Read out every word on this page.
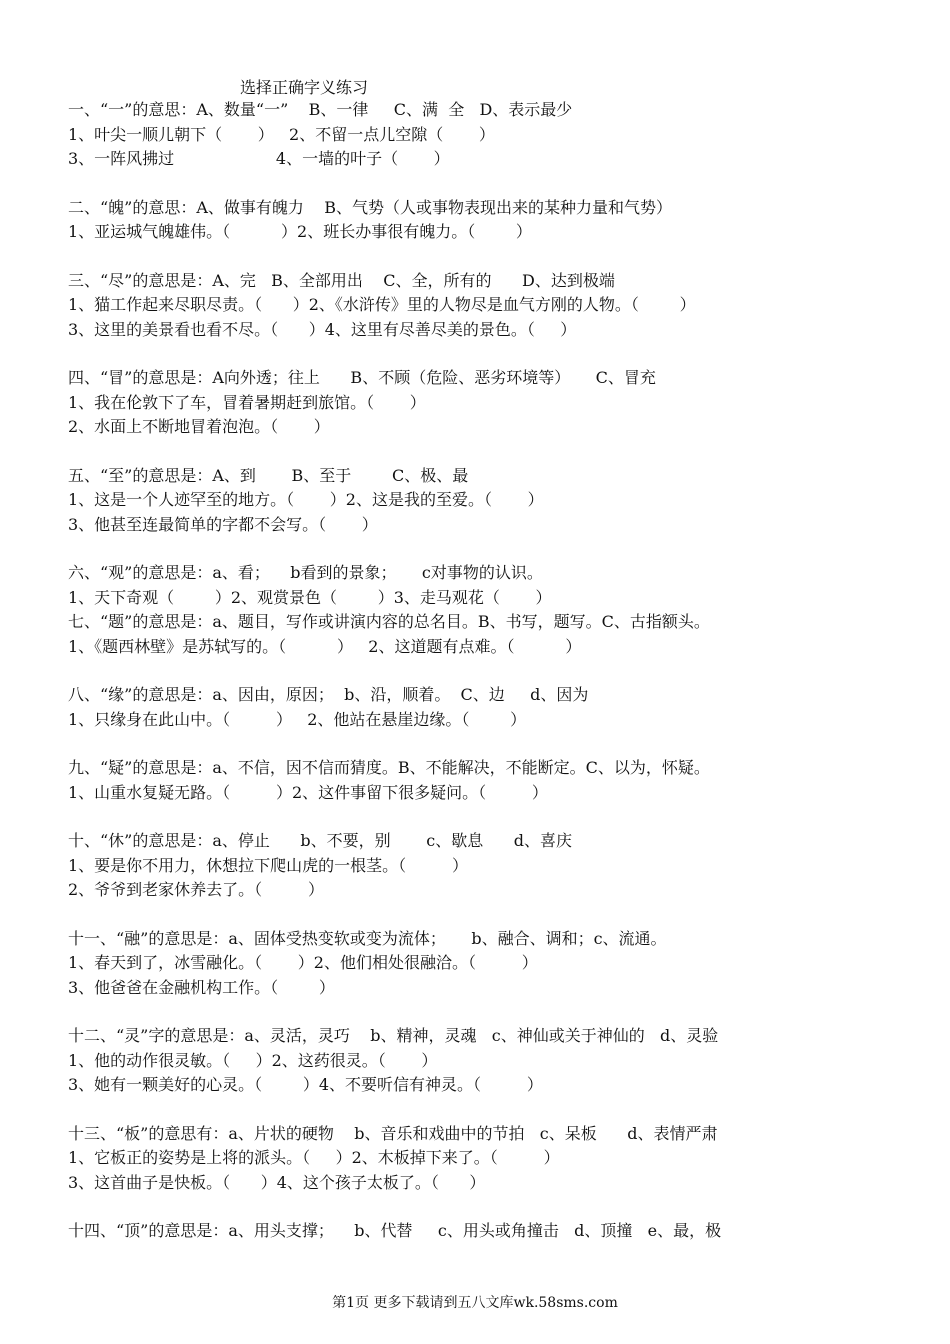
选择正确字义练习
一、“一”的意思：A、数量“一”    B、一律     C、满  全   D、表示最少
1、叶尖一顺儿朝下（       ）   2、不留一点儿空隙（       ）
3、一阵风拂过                    4、一墙的叶子（       ）
二、“魄”的意思：A、做事有魄力    B、气势（人或事物表现出来的某种力量和气势）
1、亚运城气魄雄伟。（          ）2、班长办事很有魄力。（        ）
三、“尽”的意思是：A、完   B、全部用出    C、全，所有的      D、达到极端
1、猫工作起来尽职尽责。（      ）2、《水浒传》里的人物尽是血气方刚的人物。（        ）
3、这里的美景看也看不尽。（      ）4、这里有尽善尽美的景色。（     ）
四、“冒”的意思是：A向外透；往上      B、不顾（危险、恶劣环境等）     C、冒充
1、我在伦敦下了车，冒着暑期赶到旅馆。（       ）
2、水面上不断地冒着泡泡。（       ）
五、“至”的意思是：A、到       B、至于        C、极、最
1、这是一个人迹罕至的地方。（       ）2、这是我的至爱。（       ）
3、他甚至连最简单的字都不会写。（       ）
六、“观”的意思是：a、看；    b看到的景象；     c对事物的认识。
1、天下奇观（        ）2、观赏景色（        ）3、走马观花（       ）
七、“题”的意思是：a、题目，写作或讲演内容的总名目。B、书写，题写。C、古指额头。
1、《题西林壁》是苏轼写的。（          ）   2、这道题有点难。（          ）
八、“缘”的意思是：a、因由，原因；  b、沿，顺着。  C、边     d、因为
1、只缘身在此山中。（         ）   2、他站在悬崖边缘。（        ）
九、“疑”的意思是：a、不信，因不信而猜度。B、不能解决，不能断定。C、以为，怀疑。
1、山重水复疑无路。（         ）2、这件事留下很多疑问。（         ）
十、“休”的意思是：a、停止      b、不要，别       c、歇息      d、喜庆
1、要是你不用力，休想拉下爬山虎的一根茎。（         ）
2、爷爷到老家休养去了。（         ）
十一、“融”的意思是：a、固体受热变软或变为流体；     b、融合、调和；c、流通。
1、春天到了，冰雪融化。（       ）2、他们相处很融洽。（         ）
3、他爸爸在金融机构工作。（        ）
十二、“灵”字的意思是：a、灵活，灵巧    b、精神，灵魂   c、神仙或关于神仙的   d、灵验
1、他的动作很灵敏。（     ）2、这药很灵。（       ）
3、她有一颗美好的心灵。（        ）4、不要听信有神灵。（         ）
十三、“板”的意思有：a、片状的硬物    b、音乐和戏曲中的节拍   c、呆板      d、表情严肃
1、它板正的姿势是上将的派头。（     ）2、木板掉下来了。（         ）
3、这首曲子是快板。（      ）4、这个孩子太板了。（      ）
十四、“顶”的意思是：a、用头支撑；    b、代替     c、用头或角撞击   d、顶撞   e、最，极
第1页 更多下载请到五八文库wk.58sms.com
